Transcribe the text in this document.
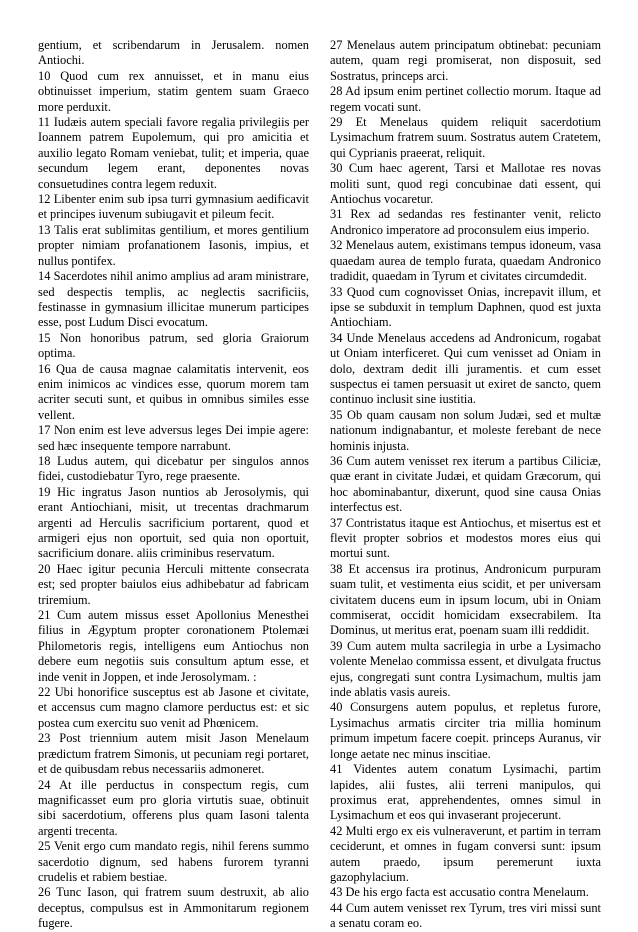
gentium, et scribendarum in Jerusalem. nomen Antiochi.

10 Quod cum rex annuisset, et in manu eius obtinuisset imperium, statim gentem suam Graeco more perduxit.

11 Iudæis autem speciali favore regalia privilegiis per Ioannem patrem Eupolemum, qui pro amicitia et auxilio legato Romam veniebat, tulit; et imperia, quae secundum legem erant, deponentes novas consuetudines contra legem reduxit.

12 Libenter enim sub ipsa turri gymnasium aedificavit et principes iuvenum subiugavit et pileum fecit.

13 Talis erat sublimitas gentilium, et mores gentilium propter nimiam profanationem Iasonis, impius, et nullus pontifex.

14 Sacerdotes nihil animo amplius ad aram ministrare, sed despectis templis, ac neglectis sacrificiis, festinasse in gymnasium illicitae munerum participes esse, post Ludum Disci evocatum.

15 Non honoribus patrum, sed gloria Graiorum optima.

16 Qua de causa magnae calamitatis intervenit, eos enim inimicos ac vindices esse, quorum morem tam acriter secuti sunt, et quibus in omnibus similes esse vellent.

17 Non enim est leve adversus leges Dei impie agere: sed hæc insequente tempore narrabunt.

18 Ludus autem, qui dicebatur per singulos annos fidei, custodiebatur Tyro, rege praesente.

19 Hic ingratus Jason nuntios ab Jerosolymis, qui erant Antiochiani, misit, ut trecentas drachmarum argenti ad Herculis sacrificium portarent, quod et armigeri ejus non oportuit, sed quia non oportuit, sacrificium donare. aliis criminibus reservatum.

20 Haec igitur pecunia Herculi mittente consecrata est; sed propter baiulos eius adhibebatur ad fabricam triremium.

21 Cum autem missus esset Apollonius Menesthei filius in Ægyptum propter coronationem Ptolemæi Philometoris regis, intelligens eum Antiochus non debere eum negotiis suis consultum aptum esse, et inde venit in Joppen, et inde Jerosolymam. :

22 Ubi honorifice susceptus est ab Jasone et civitate, et accensus cum magno clamore perductus est: et sic postea cum exercitu suo venit ad Phœnicem.

23 Post triennium autem misit Jason Menelaum prædictum fratrem Simonis, ut pecuniam regi portaret, et de quibusdam rebus necessariis admoneret.

24 At ille perductus in conspectum regis, cum magnificasset eum pro gloria virtutis suae, obtinuit sibi sacerdotium, offerens plus quam Iasoni talenta argenti trecenta.

25 Venit ergo cum mandato regis, nihil ferens summo sacerdotio dignum, sed habens furorem tyranni crudelis et rabiem bestiae.

26 Tunc Iason, qui fratrem suum destruxit, ab alio deceptus, compulsus est in Ammonitarum regionem fugere.

27 Menelaus autem principatum obtinebat: pecuniam autem, quam regi promiserat, non disposuit, sed Sostratus, princeps arci.

28 Ad ipsum enim pertinet collectio morum. Itaque ad regem vocati sunt.

29 Et Menelaus quidem reliquit sacerdotium Lysimachum fratrem suum. Sostratus autem Cratetem, qui Cyprianis praeerat, reliquit.

30 Cum haec agerent, Tarsi et Mallotae res novas moliti sunt, quod regi concubinae dati essent, qui Antiochus vocaretur.

31 Rex ad sedandas res festinanter venit, relicto Andronico imperatore ad proconsulem eius imperio.

32 Menelaus autem, existimans tempus idoneum, vasa quaedam aurea de templo furata, quaedam Andronico tradidit, quaedam in Tyrum et civitates circumdedit.

33 Quod cum cognovisset Onias, increpavit illum, et ipse se subduxit in templum Daphnen, quod est juxta Antiochiam.

34 Unde Menelaus accedens ad Andronicum, rogabat ut Oniam interficeret. Qui cum venisset ad Oniam in dolo, dextram dedit illi juramentis. et cum esset suspectus ei tamen persuasit ut exiret de sancto, quem continuo inclusit sine iustitia.

35 Ob quam causam non solum Judæi, sed et multæ nationum indignabantur, et moleste ferebant de nece hominis injusta.

36 Cum autem venisset rex iterum a partibus Ciliciæ, quæ erant in civitate Judæi, et quidam Græcorum, qui hoc abominabantur, dixerunt, quod sine causa Onias interfectus est.

37 Contristatus itaque est Antiochus, et misertus est et flevit propter sobrios et modestos mores eius qui mortui sunt.

38 Et accensus ira protinus, Andronicum purpuram suam tulit, et vestimenta eius scidit, et per universam civitatem ducens eum in ipsum locum, ubi in Oniam commiserat, occidit homicidam exsecrabilem. Ita Dominus, ut meritus erat, poenam suam illi reddidit.

39 Cum autem multa sacrilegia in urbe a Lysimacho volente Menelao commissa essent, et divulgata fructus ejus, congregati sunt contra Lysimachum, multis jam inde ablatis vasis aureis.

40 Consurgens autem populus, et repletus furore, Lysimachus armatis circiter tria millia hominum primum impetum facere coepit. princeps Auranus, vir longe aetate nec minus inscitiae.

41 Videntes autem conatum Lysimachi, partim lapides, alii fustes, alii terreni manipulos, qui proximus erat, apprehendentes, omnes simul in Lysimachum et eos qui invaserant projecerunt.

42 Multi ergo ex eis vulneraverunt, et partim in terram ceciderunt, et omnes in fugam conversi sunt: ipsum autem praedo, ipsum peremerunt iuxta gazophylacium.

43 De his ergo facta est accusatio contra Menelaum.

44 Cum autem venisset rex Tyrum, tres viri missi sunt a senatu coram eo.
